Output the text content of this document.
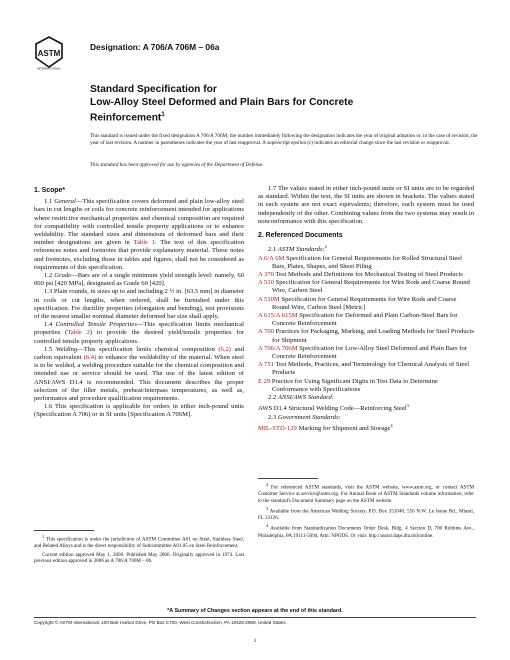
ASTM
INTERNATIONAL
Designation: A 706/A 706M – 06a

Standard Specification for

Low-Alloy Steel Deformed and Plain Bars for Concrete

Reinforcement$^1$

This standard is issued under the fixed designation A 706/A 706M; the number immediately following the designation indicates the year of original adoption or, in the case of revision, the year of last revision. A number in parentheses indicates the year of last reapproval. A superscript epsilon (ε) indicates an editorial change since the last revision or reapproval.
This standard has been approved for use by agencies of the Department of Defense.

1. Scope*

1.1 General—This specification covers deformed and plain low-alloy steel bars in cut lengths or coils for concrete reinforcement intended for applications where restrictive mechanical properties and chemical composition are required for compatibility with controlled tensile property applications or to enhance weldability. The standard sizes and dimensions of deformed bars and their number designations are given in Table 1. The text of this specification references notes and footnotes that provide explanatory material. These notes and footnotes, excluding those in tables and figures, shall not be considered as requirements of this specification.

1.2 Grade—Bars are of a single minimum yield strength level: namely, 60 000 psi [420 MPa], designated as Grade 60 [420].

1.3 Plain rounds, in sizes up to and including 2 ½ in. [63.5 mm] in diameter in coils or cut lengths, when ordered, shall be furnished under this specification. For ductility properties (elongation and bending), test provisions of the nearest smaller nominal diameter deformed bar size shall apply.

1.4 Controlled Tensile Properties—This specification limits mechanical properties (Table 2) to provide the desired yield/tensile properties for controlled tensile property applications.

1.5 Welding—This specification limits chemical composition (6.2) and carbon equivalent (6.4) to enhance the weldability of the material. When steel is to be welded, a welding procedure suitable for the chemical composition and intended use or service should be used. The use of the latest edition of ANSI/AWS D1.4 is recommended. This document describes the proper selection of the filler metals, preheat/interpass temperatures, as well as, performance and procedure qualification requirements.

1.6 This specification is applicable for orders in either inch-pound units (Specification A 706) or in SI units [Specification A 706M].

$^1$ This specification is under the jurisdiction of ASTM Committee A01 on Steel, Stainless Steel, and Related Alloys and is the direct responsibility of Subcommittee A01.05 on Steel Reinforcement.

Current edition approved May 1, 2006. Published May 2006. Originally approved in 1974. Last previous edition approved in 2006 as A 706/A 706M – 06.

1.7 The values stated in either inch-pound units or SI units are to be regarded as standard. Within the text, the SI units are shown in brackets. The values stated in each system are not exact equivalents; therefore, each system must be used independently of the other. Combining values from the two systems may result in nonconformance with this specification.

2. Referenced Documents

2.1 ASTM Standards:$^2$

A 6/A 6M Specification for General Requirements for Rolled Structural Steel Bars, Plates, Shapes, and Sheet Piling

A 370 Test Methods and Definitions for Mechanical Testing of Steel Products

A 510 Specification for General Requirements for Wire Rods and Coarse Round Wire, Carbon Steel

A 510M Specification for General Requirements for Wire Rods and Coarse Round Wire, Carbon Steel [Metric]

A 615/A 615M Specification for Deformed and Plain Carbon-Steel Bars for Concrete Reinforcement

A 700 Practices for Packaging, Marking, and Loading Methods for Steel Products for Shipment

A 706/A 706M Specification for Low-Alloy Steel Deformed and Plain Bars for Concrete Reinforcement

A 751 Test Methods, Practices, and Terminology for Chemical Analysis of Steel Products

E 29 Practice for Using Significant Digits in Test Data to Determine Conformance with Specifications

2.2 ANSI/AWS Standard:

AWS D1.4 Structural Welding Code—Reinforcing Steel$^3$

2.3 Government Standards:

MIL-STD-129 Marking for Shipment and Storage$^4$

$^2$ For referenced ASTM standards, visit the ASTM website, www.astm.org, or contact ASTM Customer Service at service@astm.org. For Annual Book of ASTM Standards volume information, refer to the standard's Document Summary page on the ASTM website.

$^3$ Available from the American Welding Society, P.O. Box 351040, 550 N.W. Le Jeune Rd., Miami, FL 33126.

$^4$ Available from Standardization Documents Order Desk, Bldg. 4 Section D, 700 Robbins Ave., Philadelphia, PA 19111-5094, Attn: NPODS. Or visit: http://assist.daps.dla.mil/online.

*A Summary of Changes section appears at the end of this standard.
Copyright © ASTM International, 100 Barr Harbor Drive, PO Box C700, West Conshohocken, PA 19428-2959, United States.
1
